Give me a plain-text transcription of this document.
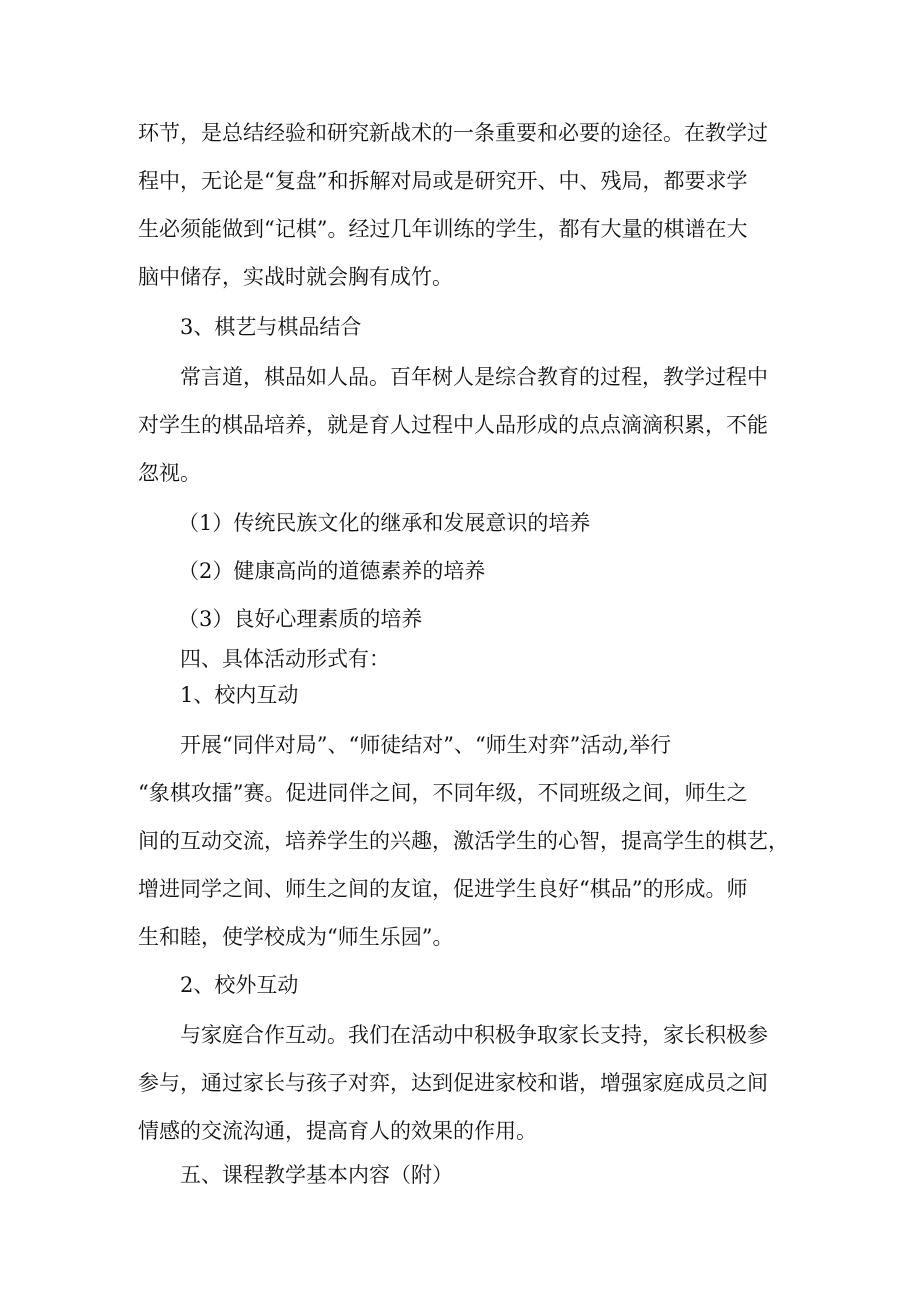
环节，是总结经验和研究新战术的一条重要和必要的途径。在教学过
程中，无论是“复盘”和拆解对局或是研究开、中、残局，都要求学
生必须能做到“记棋”。经过几年训练的学生，都有大量的棋谱在大
脑中储存，实战时就会胸有成竹。
3、棋艺与棋品结合
常言道，棋品如人品。百年树人是综合教育的过程，教学过程中
对学生的棋品培养，就是育人过程中人品形成的点点滴滴积累，不能
忽视。
（1）传统民族文化的继承和发展意识的培养
（2）健康高尚的道德素养的培养
（3）良好心理素质的培养
四、具体活动形式有：
1、校内互动
开展“同伴对局”、“师徒结对”、“师生对弈”活动,举行
“象棋攻擂”赛。促进同伴之间，不同年级，不同班级之间，师生之
间的互动交流，培养学生的兴趣，激活学生的心智，提高学生的棋艺，
增进同学之间、师生之间的友谊，促进学生良好“棋品”的形成。师
生和睦，使学校成为“师生乐园”。
2、校外互动
与家庭合作互动。我们在活动中积极争取家长支持，家长积极参
参与，通过家长与孩子对弈，达到促进家校和谐，增强家庭成员之间
情感的交流沟通，提高育人的效果的作用。
五、课程教学基本内容（附）
